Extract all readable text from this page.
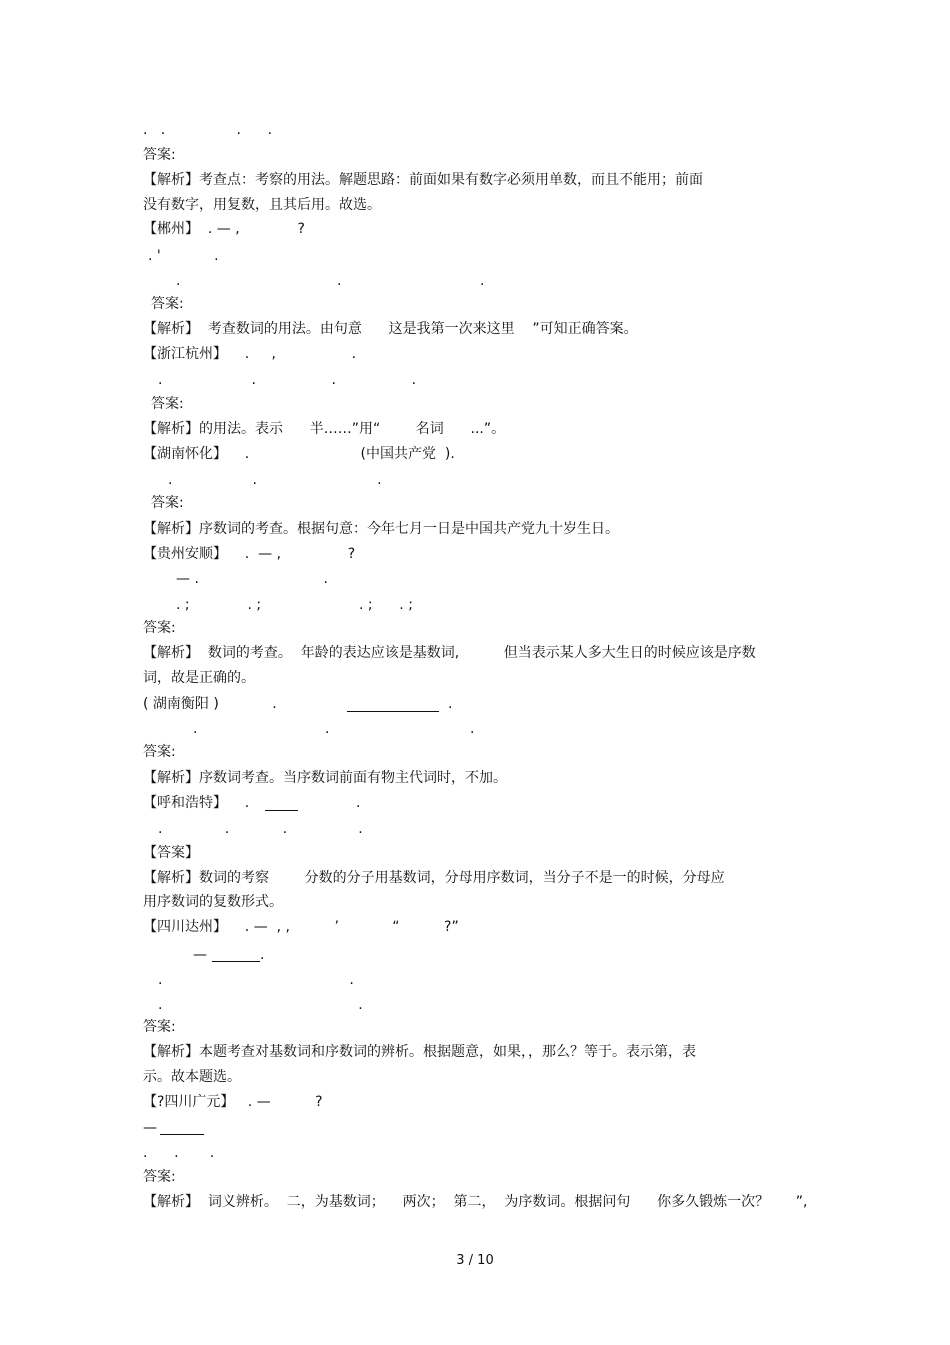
.   .                .      .
答案:
【解析】考查点：考察的用法。解题思路：前面如果有数字必须用单数，而且不能用；前面
没有数字，用复数，且其后用。故选。
【郴州】  . — ,             ?
. '            .
.	.	.
答案:
【解析】  考查数词的用法。由句意      这是我第一次来这里    ”可知正确答案。
【浙江杭州】    .     ,                 .
.                    .                 .                 .
答案:
【解析】的用法。表示      半……”用“        名词      ...”。
【湖南怀化】    .                         (中国共产党  ).
.                  .                           .
答案:
【解析】序数词的考查。根据句意：今年七月一日是中国共产党九十岁生日。
【贵州安顺】    .  — ,               ?
— .                            .
. ;             . ;                      . ;      . ;
答案:
【解析】  数词的考查。  年龄的表达应该是基数词,          但当表示某人多大生日的时候应该是序数
词，故是正确的。
( 湖南衡阳 )            .	.
.	.	.
答案:
【解析】序数词考查。当序数词前面有物主代词时，不加。
【呼和浩特】    .	.
.              .            .                .
【答案】
【解析】数词的考察        分数的分子用基数词，分母用序数词，当分子不是一的时候，分母应
用序数词的复数形式。
【四川达州】    . —  , ,          ’            “          ?”
—	.
.                                          .
.                                            .
答案:
【解析】本题考查对基数词和序数词的辨析。根据题意，如果，，那么？等于。表示第，表
示。故本题选。
【?四川广元】   . —          ?
—
.      .       .
答案:
【解析】  词义辨析。  二，为基数词；    两次；  第二，  为序数词。根据问句      你多久锻炼一次？      ”,
3 / 10
